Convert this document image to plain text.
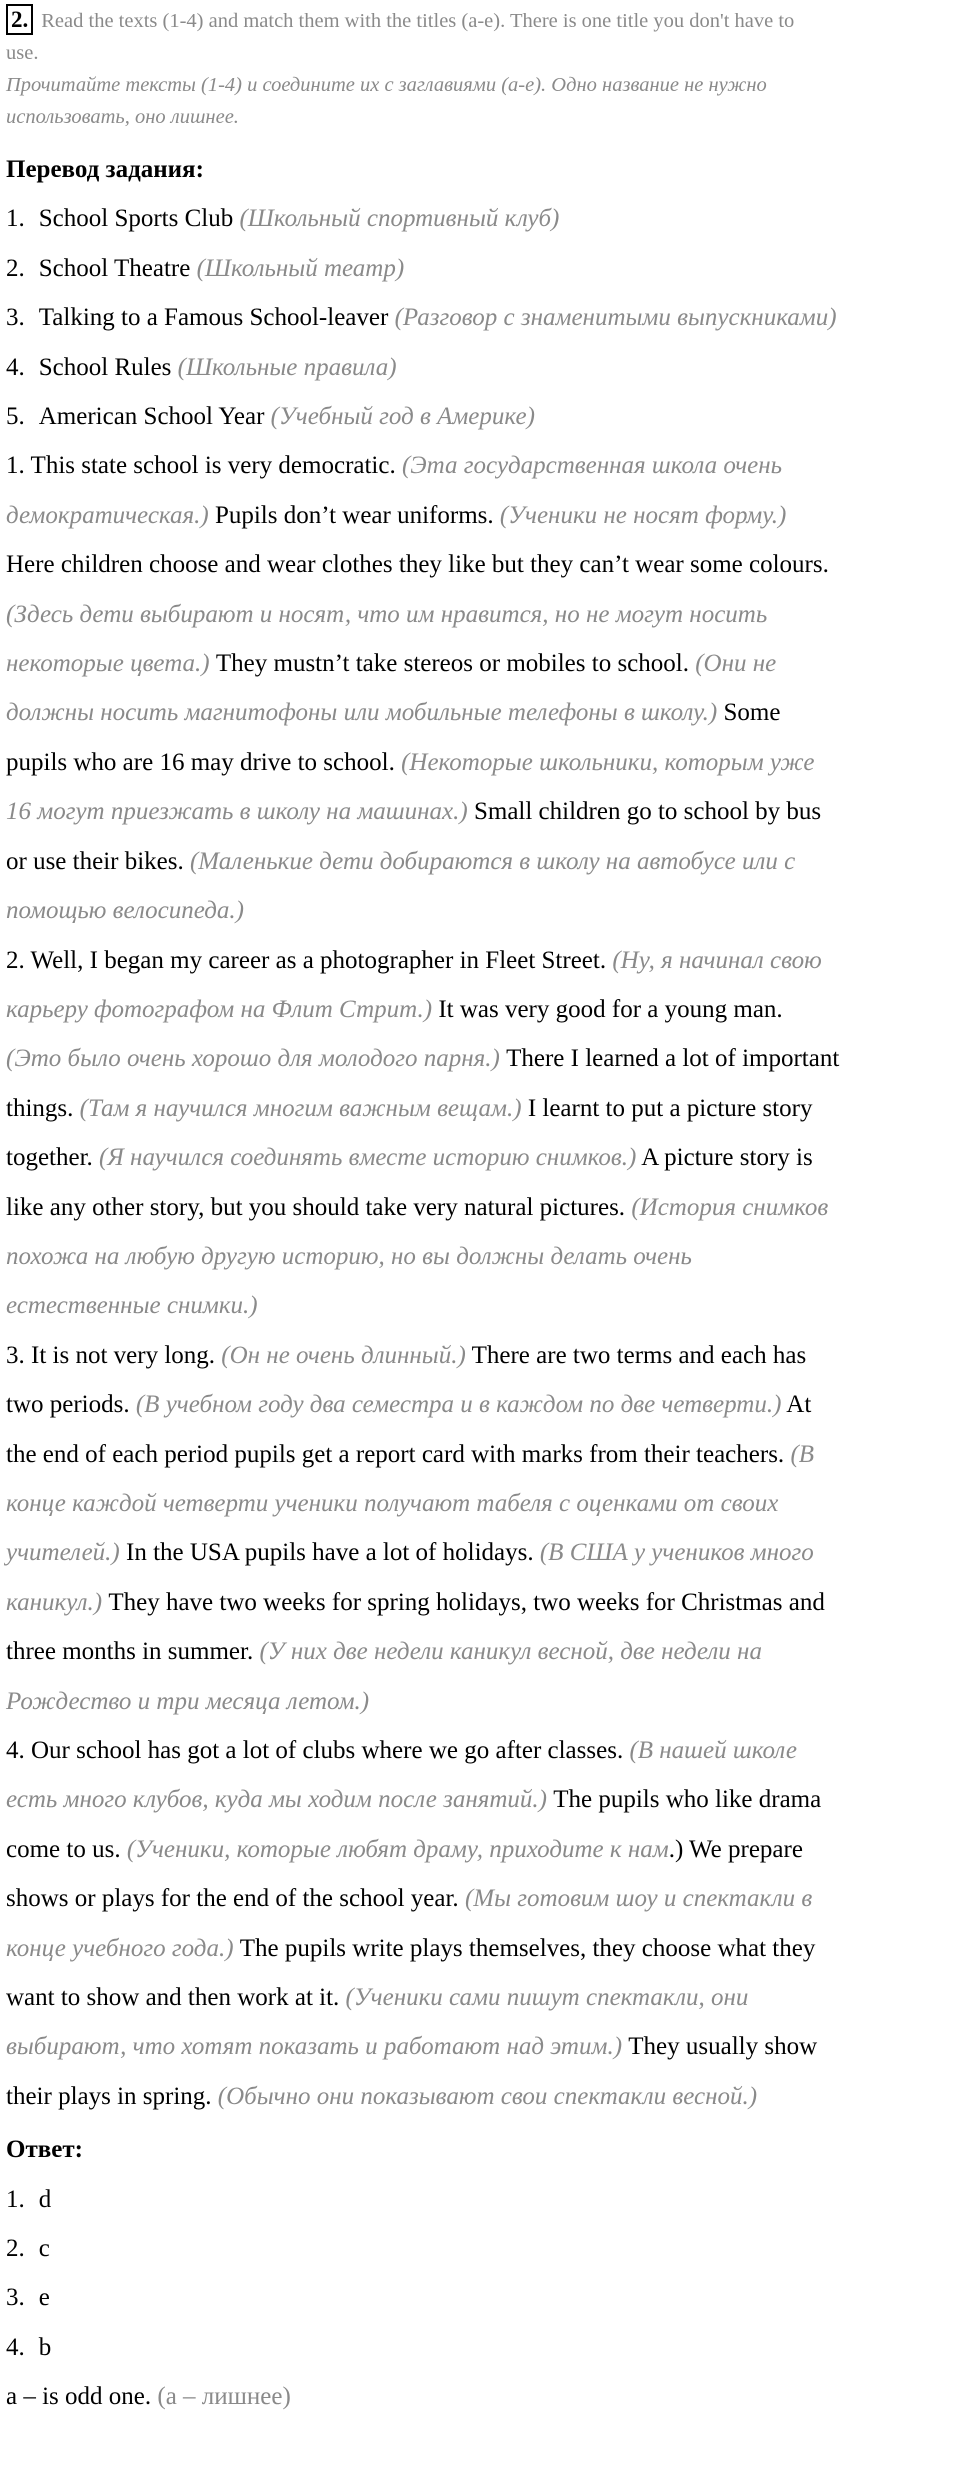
2. Read the texts (1-4) and match them with the titles (a-e). There is one title you don't have to
use.
Прочитайте тексты (1-4) и соедините их с заглавиями (a-e). Одно название не нужно
использовать, оно лишнее.
Перевод задания:
1. School Sports Club (Школьный спортивный клуб)
2. School Theatre (Школьный театр)
3. Talking to a Famous School-leaver (Разговор с знаменитыми выпускниками)
4. School Rules (Школьные правила)
5. American School Year (Учебный год в Америке)
1. This state school is very democratic. (Эта государственная школа очень
демократическая.) Pupils don’t wear uniforms. (Ученики не носят форму.)
Here children choose and wear clothes they like but they can’t wear some colours.
(Здесь дети выбирают и носят, что им нравится, но не могут носить
некоторые цвета.) They mustn’t take stereos or mobiles to school. (Они не
должны носить магнитофоны или мобильные телефоны в школу.) Some
pupils who are 16 may drive to school. (Некоторые школьники, которым уже
16 могут приезжать в школу на машинах.) Small children go to school by bus
or use their bikes. (Маленькие дети добираются в школу на автобусе или с
помощью велосипеда.)
2. Well, I began my career as a photographer in Fleet Street. (Ну, я начинал свою
карьеру фотографом на Флит Стрит.) It was very good for a young man.
(Это было очень хорошо для молодого парня.) There I learned a lot of important
things. (Там я научился многим важным вещам.) I learnt to put a picture story
together. (Я научился соединять вместе историю снимков.) A picture story is
like any other story, but you should take very natural pictures. (История снимков
похожа на любую другую историю, но вы должны делать очень
естественные снимки.)
3. It is not very long. (Он не очень длинный.) There are two terms and each has
two periods. (В учебном году два семестра и в каждом по две четверти.) At
the end of each period pupils get a report card with marks from their teachers. (В
конце каждой четверти ученики получают табеля с оценками от своих
учителей.) In the USA pupils have a lot of holidays. (В США у учеников много
каникул.) They have two weeks for spring holidays, two weeks for Christmas and
three months in summer. (У них две недели каникул весной, две недели на
Рождество и три месяца летом.)
4. Our school has got a lot of clubs where we go after classes. (В нашей школе
есть много клубов, куда мы ходим после занятий.) The pupils who like drama
come to us. (Ученики, которые любят драму, приходите к нам.) We prepare
shows or plays for the end of the school year. (Мы готовим шоу и спектакли в
конце учебного года.) The pupils write plays themselves, they choose what they
want to show and then work at it. (Ученики сами пишут спектакли, они
выбирают, что хотят показать и работают над этим.) They usually show
their plays in spring. (Обычно они показывают свои спектакли весной.)
Ответ:
1. d
2. c
3. e
4. b
a – is odd one. (a – лишнее)
